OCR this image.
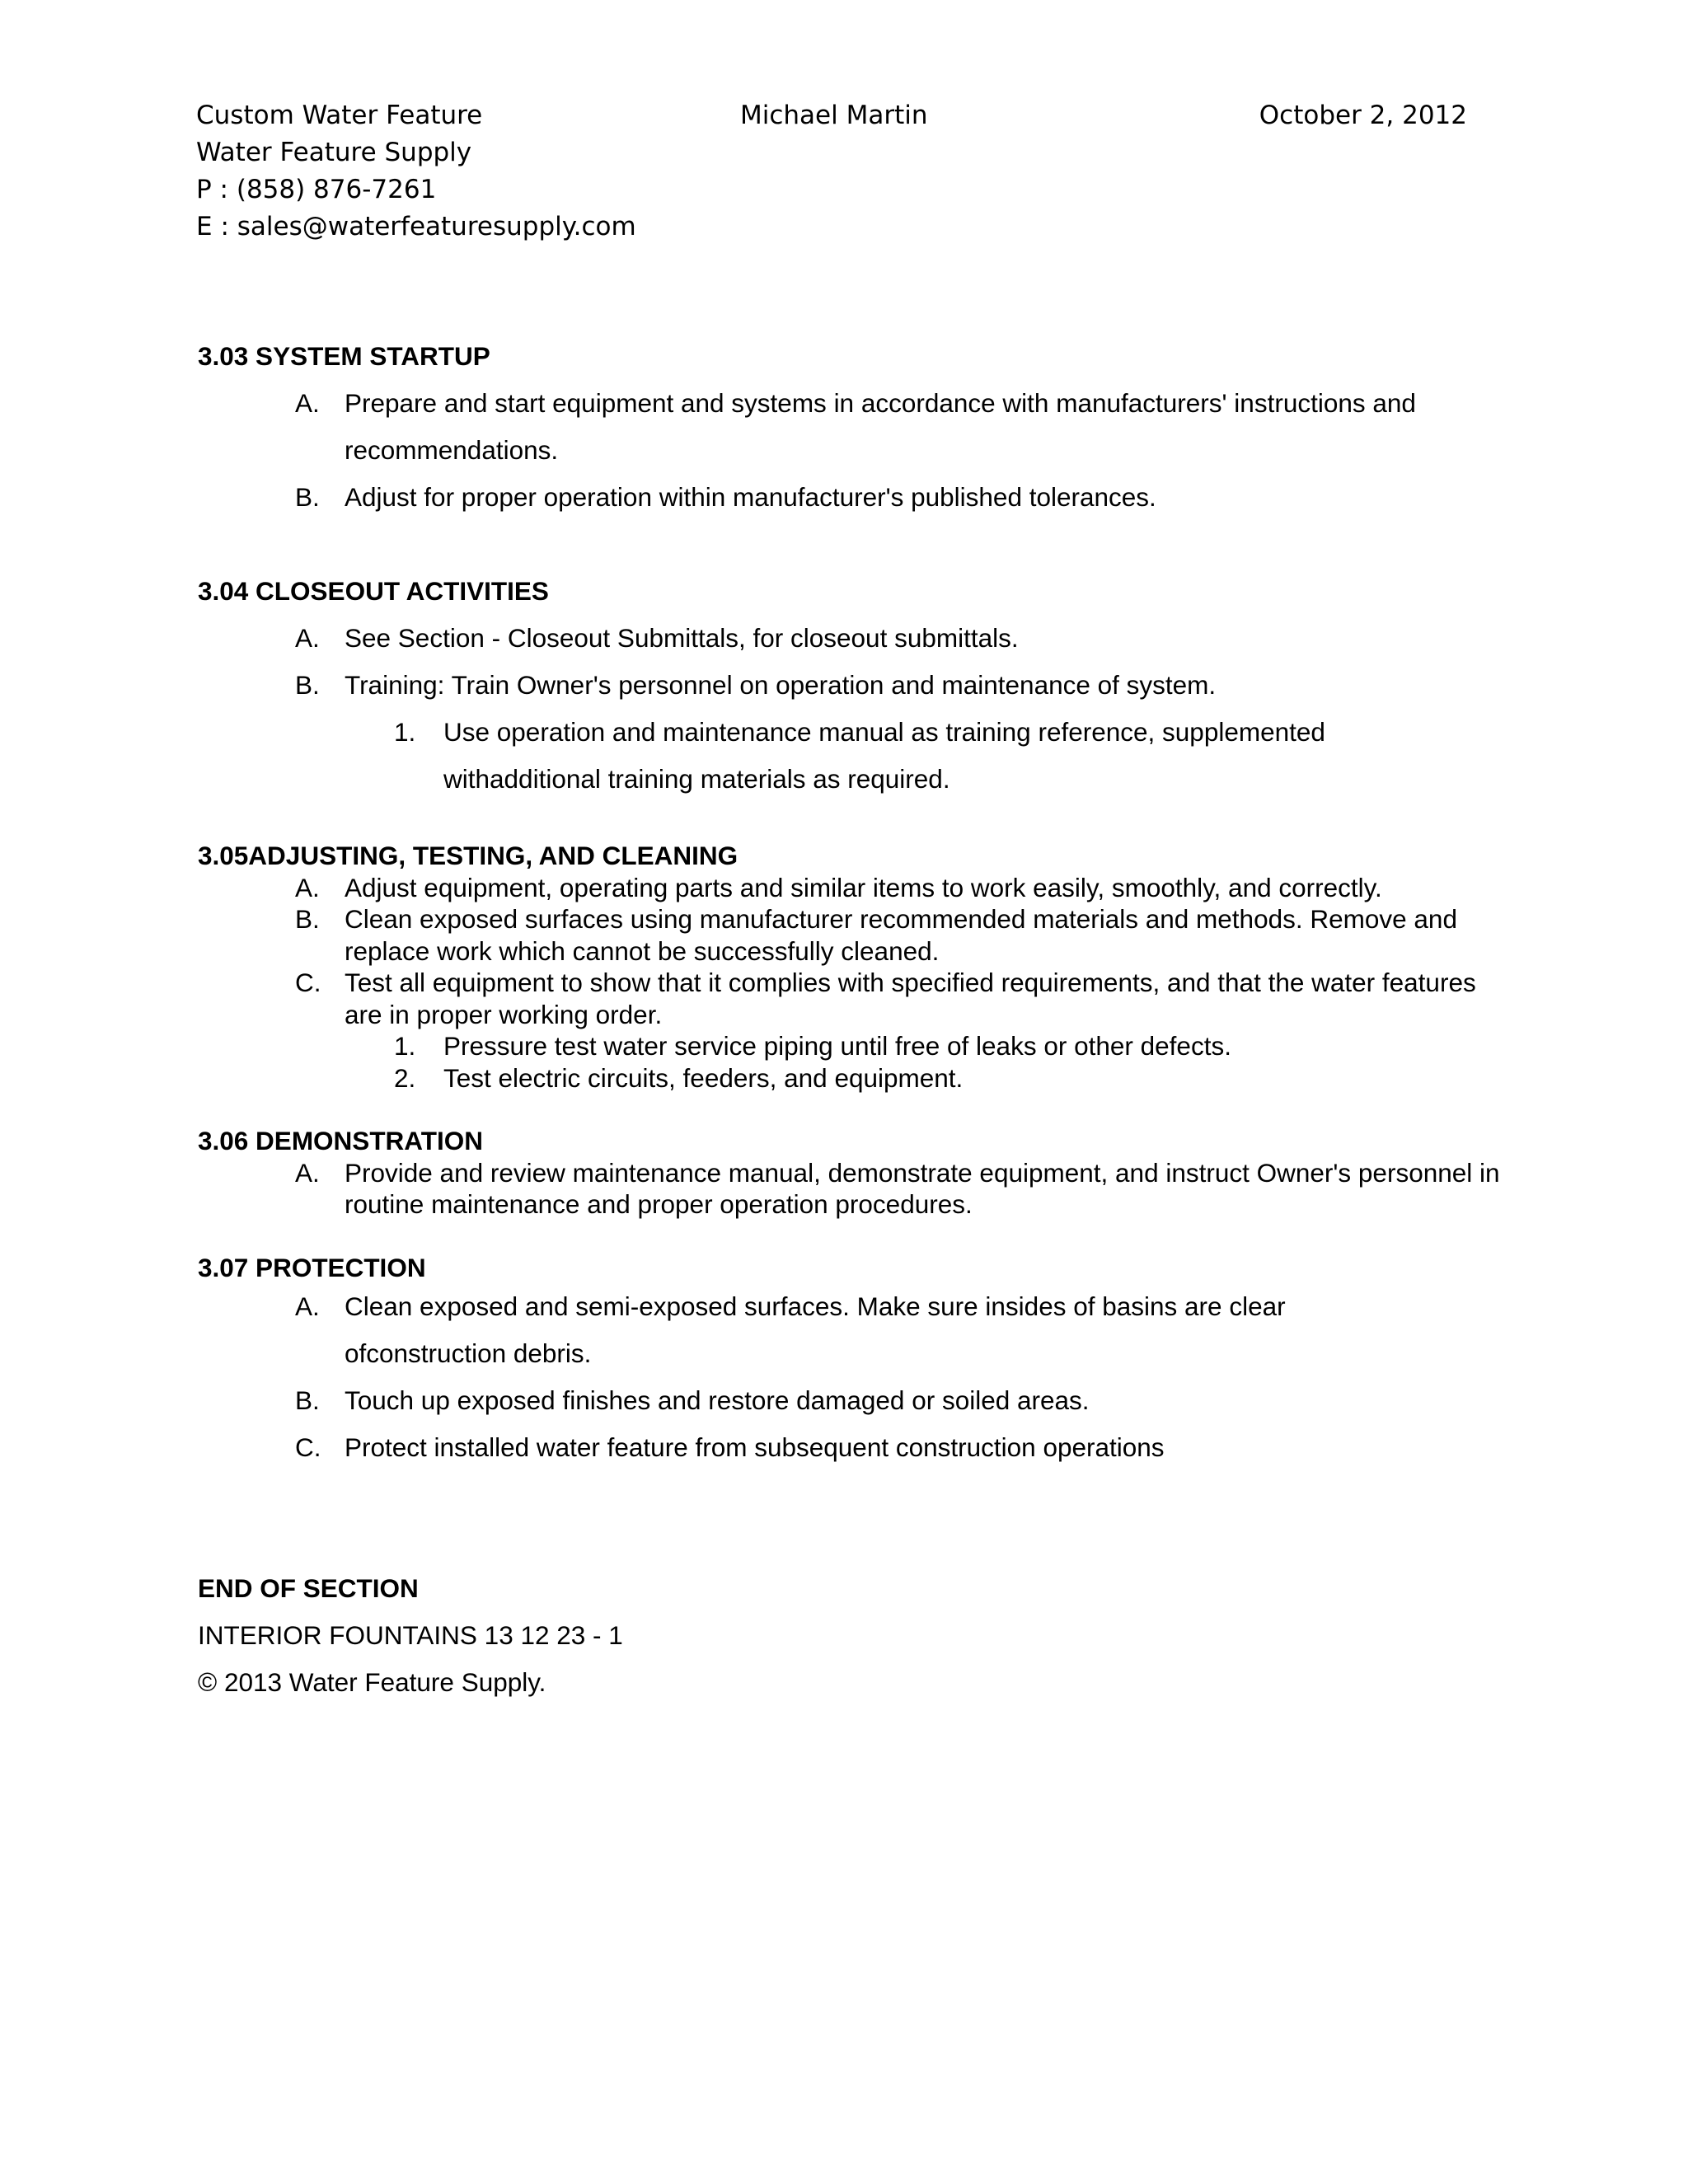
Custom Water Feature
Water Feature Supply
P : (858) 876-7261
E : sales@waterfeaturesupply.com
Michael Martin	October 2, 2012
3.03 SYSTEM STARTUP
A. Prepare and start equipment and systems in accordance with manufacturers' instructions and recommendations.
B. Adjust for proper operation within manufacturer's published tolerances.
3.04 CLOSEOUT ACTIVITIES
A. See Section - Closeout Submittals, for closeout submittals.
B. Training: Train Owner's personnel on operation and maintenance of system.
1.	Use operation and maintenance manual as training reference, supplemented withadditional training materials as required.
3.05ADJUSTING, TESTING, AND CLEANING
A. Adjust equipment, operating parts and similar items to work easily, smoothly, and correctly.
B. Clean exposed surfaces using manufacturer recommended materials and methods. Remove and replace work which cannot be successfully cleaned.
C. Test all equipment to show that it complies with specified requirements, and that the water features are in proper working order.
1.	Pressure test water service piping until free of leaks or other defects.
2.	Test electric circuits, feeders, and equipment.
3.06 DEMONSTRATION
A. Provide and review maintenance manual, demonstrate equipment, and instruct Owner's personnel in routine maintenance and proper operation procedures.
3.07 PROTECTION
A. Clean exposed and semi-exposed surfaces. Make sure insides of basins are clear ofconstruction debris.
B. Touch up exposed finishes and restore damaged or soiled areas.
C. Protect installed water feature from subsequent construction operations
END OF SECTION
INTERIOR FOUNTAINS 13 12 23 - 1
© 2013 Water Feature Supply.
